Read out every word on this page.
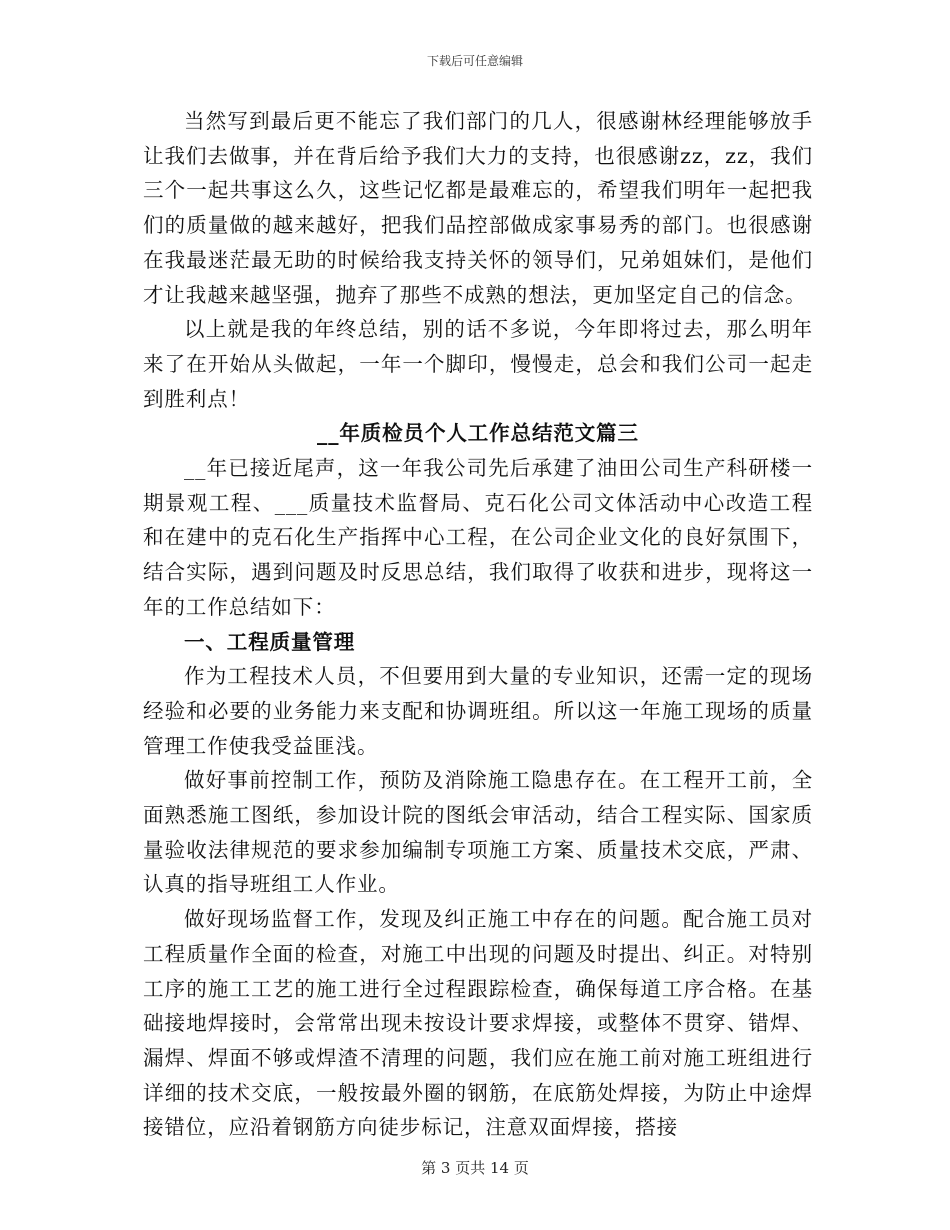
下载后可任意编辑

当然写到最后更不能忘了我们部门的几人，很感谢林经理能够放手让我们去做事，并在背后给予我们大力的支持，也很感谢zz，zz，我们三个一起共事这么久，这些记忆都是最难忘的，希望我们明年一起把我们的质量做的越来越好，把我们品控部做成家事易秀的部门。也很感谢在我最迷茫最无助的时候给我支持关怀的领导们，兄弟姐妹们，是他们才让我越来越坚强，抛弃了那些不成熟的想法，更加坚定自己的信念。

以上就是我的年终总结，别的话不多说，今年即将过去，那么明年来了在开始从头做起，一年一个脚印，慢慢走，总会和我们公司一起走到胜利点！

__年质检员个人工作总结范文篇三

__年已接近尾声，这一年我公司先后承建了油田公司生产科研楼一期景观工程、___质量技术监督局、克石化公司文体活动中心改造工程和在建中的克石化生产指挥中心工程，在公司企业文化的良好氛围下，结合实际，遇到问题及时反思总结，我们取得了收获和进步，现将这一年的工作总结如下：

一、工程质量管理

作为工程技术人员，不但要用到大量的专业知识，还需一定的现场经验和必要的业务能力来支配和协调班组。所以这一年施工现场的质量管理工作使我受益匪浅。

做好事前控制工作，预防及消除施工隐患存在。在工程开工前，全面熟悉施工图纸，参加设计院的图纸会审活动，结合工程实际、国家质量验收法律规范的要求参加编制专项施工方案、质量技术交底，严肃、认真的指导班组工人作业。

做好现场监督工作，发现及纠正施工中存在的问题。配合施工员对工程质量作全面的检查，对施工中出现的问题及时提出、纠正。对特别工序的施工工艺的施工进行全过程跟踪检查，确保每道工序合格。在基础接地焊接时，会常常出现未按设计要求焊接，或整体不贯穿、错焊、漏焊、焊面不够或焊渣不清理的问题，我们应在施工前对施工班组进行详细的技术交底，一般按最外圈的钢筋，在底筋处焊接，为防止中途焊接错位，应沿着钢筋方向徒步标记，注意双面焊接，搭接

第 3 页共 14 页
